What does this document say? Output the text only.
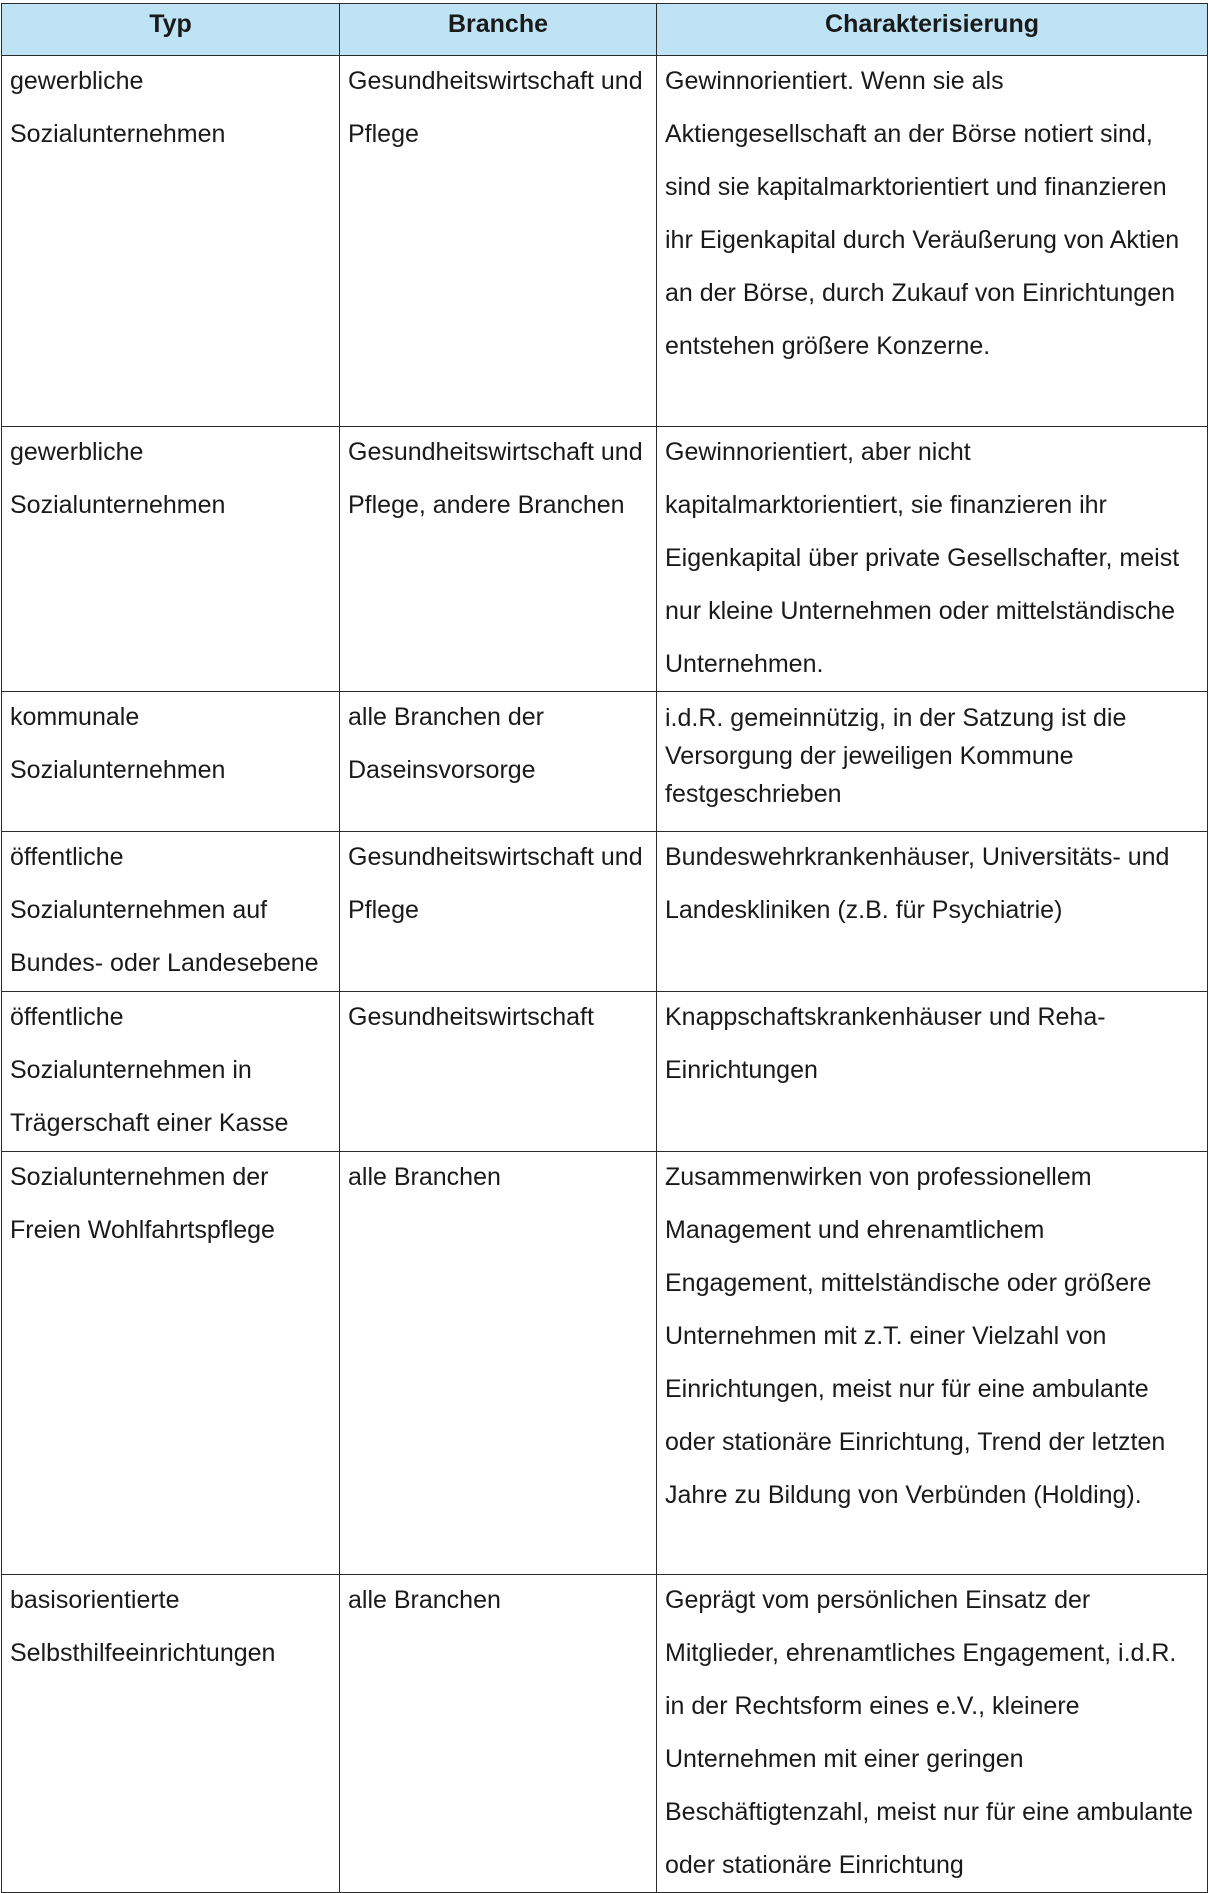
Typ	Branche	Charakterisierung

gewerbliche Sozialunternehmen	Gesundheitswirtschaft und Pflege	Gewinnorientiert. Wenn sie als Aktiengesellschaft an der Börse notiert sind, sind sie kapitalmarktorientiert und finanzieren ihr Eigenkapital durch Veräußerung von Aktien an der Börse, durch Zukauf von Einrichtungen entstehen größere Konzerne.

gewerbliche Sozialunternehmen	Gesundheitswirtschaft und Pflege, andere Branchen	Gewinnorientiert, aber nicht kapitalmarktorientiert, sie finanzieren ihr Eigenkapital über private Gesellschafter, meist nur kleine Unternehmen oder mittelständische Unternehmen.

kommunale Sozialunternehmen	alle Branchen der Daseinsvorsorge	i.d.R. gemeinnützig, in der Satzung ist die Versorgung der jeweiligen Kommune festgeschrieben

öffentliche Sozialunternehmen auf Bundes- oder Landesebene	Gesundheitswirtschaft und Pflege	Bundeswehrkrankenhäuser, Universitäts- und Landeskliniken (z.B. für Psychiatrie)

öffentliche Sozialunternehmen in Trägerschaft einer Kasse	Gesundheitswirtschaft	Knappschaftskrankenhäuser und Reha-Einrichtungen

Sozialunternehmen der Freien Wohlfahrtspflege	alle Branchen	Zusammenwirken von professionellem Management und ehrenamtlichem Engagement, mittelständische oder größere Unternehmen mit z.T. einer Vielzahl von Einrichtungen, meist nur für eine ambulante oder stationäre Einrichtung, Trend der letzten Jahre zu Bildung von Verbünden (Holding).

basisorientierte Selbsthilfeeinrichtungen	alle Branchen	Geprägt vom persönlichen Einsatz der Mitglieder, ehrenamtliches Engagement, i.d.R. in der Rechtsform eines e.V., kleinere Unternehmen mit einer geringen Beschäftigtenzahl, meist nur für eine ambulante oder stationäre Einrichtung
